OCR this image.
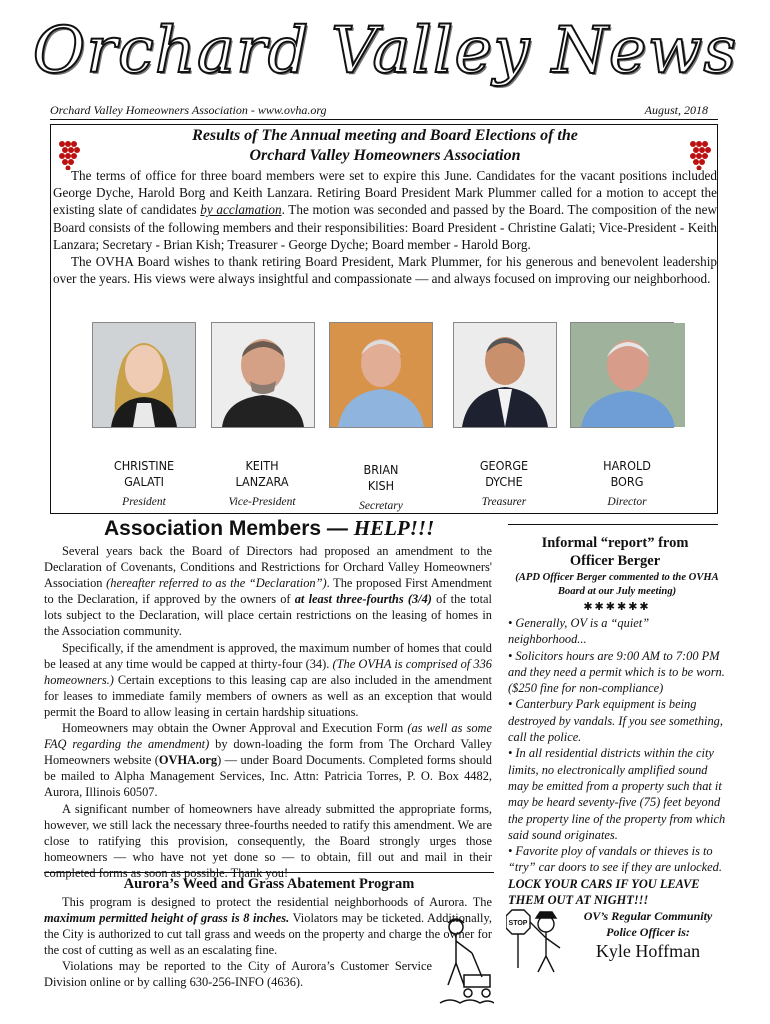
Orchard Valley News
Orchard Valley Homeowners Association - www.ovha.org	August, 2018
Results of The Annual meeting and Board Elections of the
Orchard Valley Homeowners Association

The terms of office for three board members were set to expire this June. Candidates for the vacant positions included George Dyche, Harold Borg and Keith Lanzara. Retiring Board President Mark Plummer called for a motion to accept the existing slate of candidates by acclamation. The motion was seconded and passed by the Board. The composition of the new Board consists of the following members and their responsibilities: Board President - Christine Galati; Vice-President - Keith Lanzara; Secretary - Brian Kish; Treasurer - George Dyche; Board member - Harold Borg.

The OVHA Board wishes to thank retiring Board President, Mark Plummer, for his generous and benevolent leadership over the years. His views were always insightful and compassionate — and always focused on improving our neighborhood.

CHRISTINE
GALATI
President
KEITH
LANZARA
Vice-President
BRIAN
KISH
Secretary
GEORGE
DYCHE
Treasurer
HAROLD
BORG
Director
Association Members — HELP!!!

Several years back the Board of Directors had proposed an amendment to the Declaration of Covenants, Conditions and Restrictions for Orchard Valley Homeowners' Association (hereafter referred to as the “Declaration”). The proposed First Amendment to the Declaration, if approved by the owners of at least three-fourths (3/4) of the total lots subject to the Declaration, will place certain restrictions on the leasing of homes in the Association community.

Specifically, if the amendment is approved, the maximum number of homes that could be leased at any time would be capped at thirty-four (34). (The OVHA is comprised of 336 homeowners.) Certain exceptions to this leasing cap are also included in the amendment for leases to immediate family members of owners as well as an exception that would permit the Board to allow leasing in certain hardship situations.

Homeowners may obtain the Owner Approval and Execution Form (as well as some FAQ regarding the amendment) by down-loading the form from The Orchard Valley Homeowners website (OVHA.org) — under Board Documents. Completed forms should be mailed to Alpha Management Services, Inc. Attn: Patricia Torres, P. O. Box 4482, Aurora, Illinois 60507.

A significant number of homeowners have already submitted the appropriate forms, however, we still lack the necessary three-fourths needed to ratify this amendment. We are close to ratifying this provision, consequently, the Board strongly urges those homeowners — who have not yet done so — to obtain, fill out and mail in their completed forms as soon as possible. Thank you!

Aurora’s Weed and Grass Abatement Program

This program is designed to protect the residential neighborhoods of Aurora. The maximum permitted height of grass is 8 inches. Violators may be ticketed. Additionally, the City is authorized to cut tall grass and weeds on the property and charge the owner for the cost of cutting as well as an escalating fine.

Violations may be reported to the City of Aurora’s Customer Service Division online or by calling 630-256-INFO (4636).

Informal “report” from
Officer Berger
(APD Officer Berger commented to the OVHA Board at our July meeting)
✱✱✱✱✱✱

• Generally, OV is a “quiet” neighborhood...

• Solicitors hours are 9:00 AM to 7:00 PM and they need a permit which is to be worn. ($250 fine for non-compliance)

• Canterbury Park equipment is being destroyed by vandals. If you see something, call the police.

• In all residential districts within the city limits, no electronically amplified sound may be emitted from a property such that it may be heard seventy-five (75) feet beyond the property line of the property from which said sound originates.

• Favorite ploy of vandals or thieves is to “try” car doors to see if they are unlocked. LOCK YOUR CARS IF YOU LEAVE THEM OUT AT NIGHT!!!

STOP
OV’s Regular Community
Police Officer is:
Kyle Hoffman
